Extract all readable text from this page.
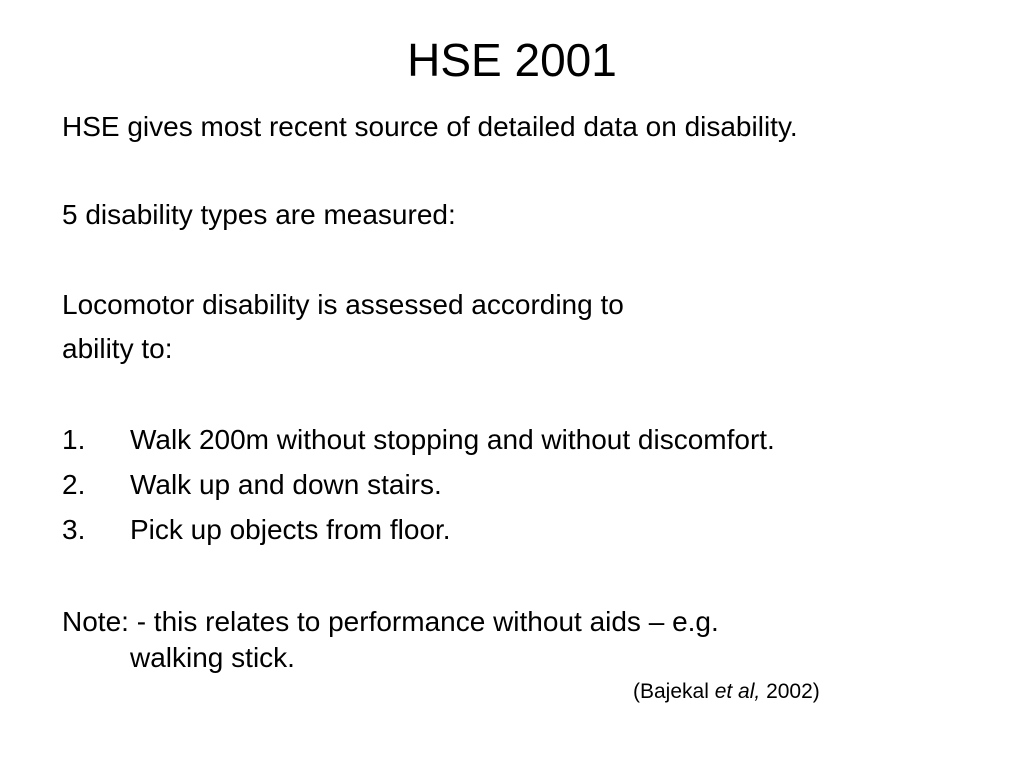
HSE 2001
HSE gives most recent source of detailed data on disability.
5 disability types are measured:
Locomotor disability is assessed according to
ability to:
1. Walk 200m without stopping and without discomfort.
2. Walk up and down stairs.
3. Pick up objects from floor.
Note: - this relates to performance without aids – e.g.
walking stick.
(Bajekal et al, 2002)
